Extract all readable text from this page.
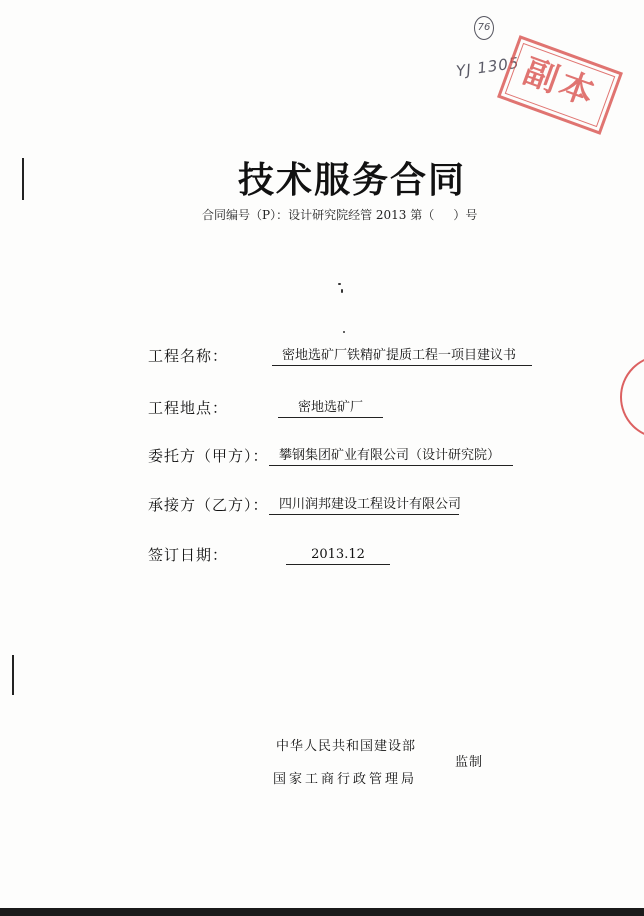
76
YJ 1305
副本
技术服务合同
合同编号（P）：设计研究院经管 2013 第（     ）号
工程名称：	密地选矿厂铁精矿提质工程一项目建议书
工程地点：	密地选矿厂
委托方（甲方）： 攀钢集团矿业有限公司（设计研究院）
承接方（乙方）： 四川润邦建设工程设计有限公司
签订日期：	2013.12
中华人民共和国建设部
国家工商行政管理局
监制
